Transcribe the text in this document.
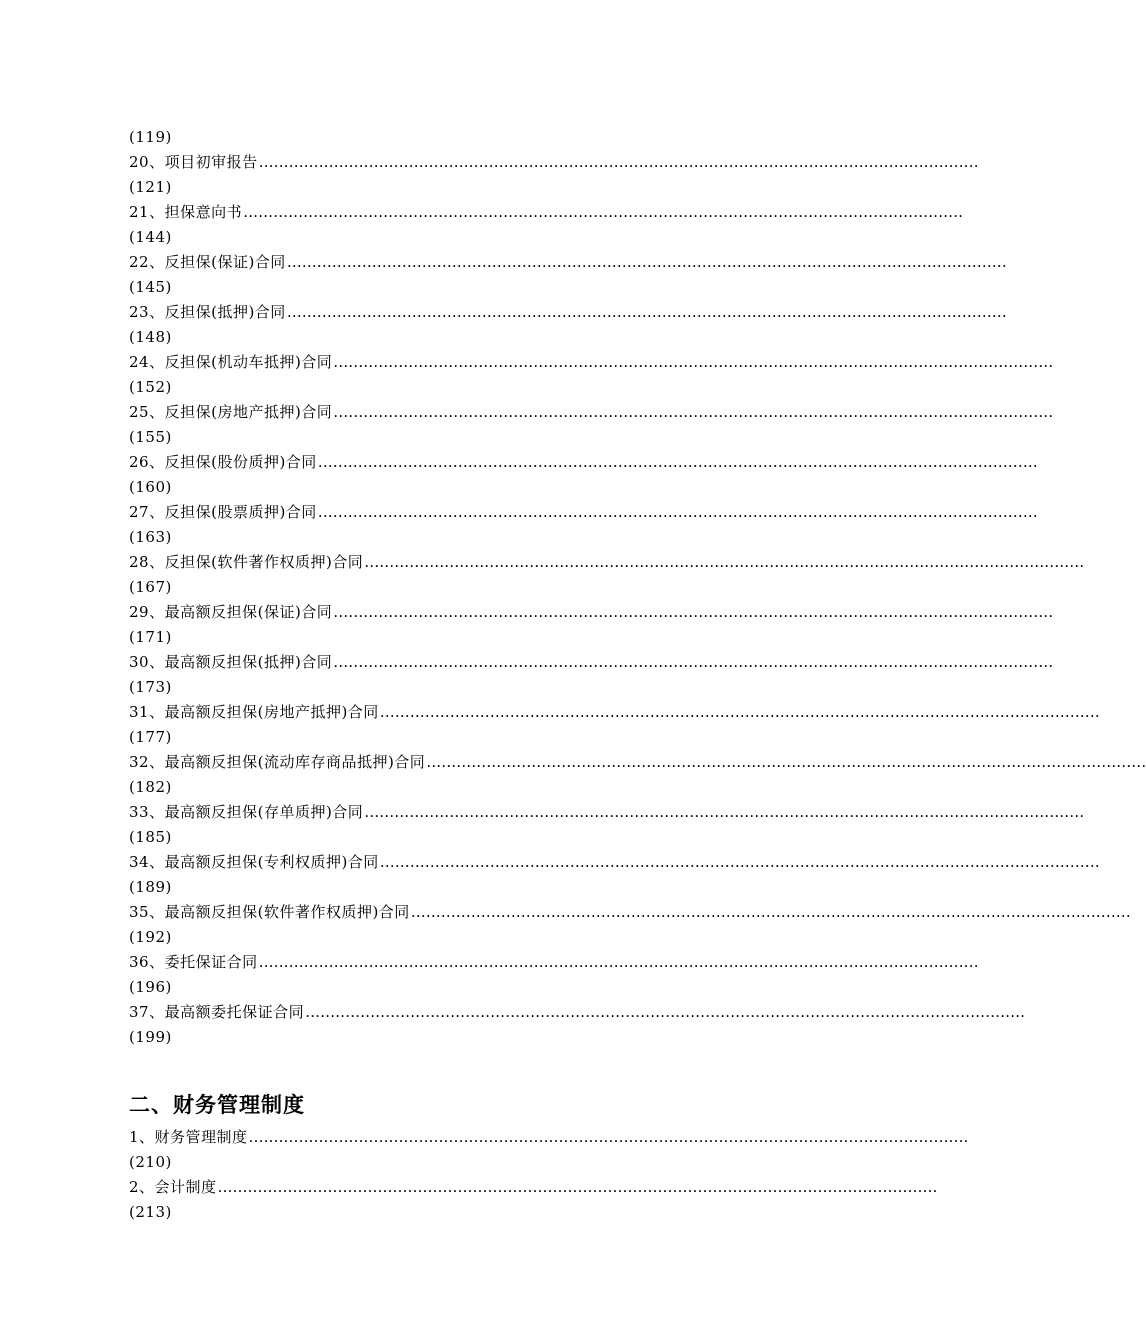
(119)
20、项目初审报告 ………………………………………………………………………………………………………………………………
(121)
21、担保意向书 ………………………………………………………………………………………………………………………………
(144)
22、反担保(保证)合同 ………………………………………………………………………………………………………………………………
(145)
23、反担保(抵押)合同 ………………………………………………………………………………………………………………………………
(148)
24、反担保(机动车抵押)合同 ………………………………………………………………………………………………………………………………
(152)
25、反担保(房地产抵押)合同 ………………………………………………………………………………………………………………………………
(155)
26、反担保(股份质押)合同 ………………………………………………………………………………………………………………………………
(160)
27、反担保(股票质押)合同 ………………………………………………………………………………………………………………………………
(163)
28、反担保(软件著作权质押)合同 ………………………………………………………………………………………………………………………………
(167)
29、最高额反担保(保证)合同 ………………………………………………………………………………………………………………………………
(171)
30、最高额反担保(抵押)合同 ………………………………………………………………………………………………………………………………
(173)
31、最高额反担保(房地产抵押)合同 ………………………………………………………………………………………………………………………………
(177)
32、最高额反担保(流动库存商品抵押)合同 ………………………………………………………………………………………………………………………………
(182)
33、最高额反担保(存单质押)合同 ………………………………………………………………………………………………………………………………
(185)
34、最高额反担保(专利权质押)合同 ………………………………………………………………………………………………………………………………
(189)
35、最高额反担保(软件著作权质押)合同 ………………………………………………………………………………………………………………………………
(192)
36、委托保证合同 ………………………………………………………………………………………………………………………………
(196)
37、最高额委托保证合同 ………………………………………………………………………………………………………………………………
(199)
二、财务管理制度
1、财务管理制度 ………………………………………………………………………………………………………………………………
(210)
2、会计制度 ………………………………………………………………………………………………………………………………
(213)
